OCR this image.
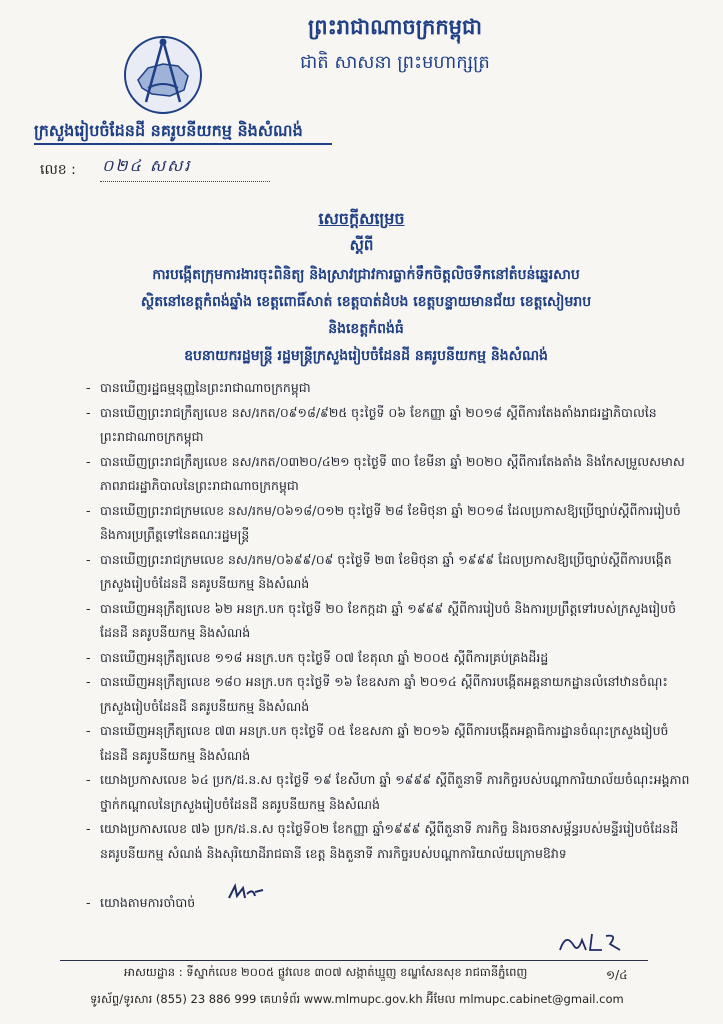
ព្រះរាជាណាចក្រកម្ពុជា
ជាតិ សាសនា ព្រះមហាក្សត្រ
ក្រសួងរៀបចំដែនដី នគរូបនីយកម្ម និងសំណង់
លេខ : ០២៤ សសរ
សេចក្តីសម្រេច
ស្តីពី
ការបង្កើតក្រុមការងារចុះពិនិត្យ និងស្រាវជ្រាវការធ្លាក់ទឹកចិត្តលិចទឹកនៅតំបន់ឆ្នេរសាប
ស្ថិតនៅខេត្តកំពង់ឆ្នាំង ខេត្តពោធិ៍សាត់ ខេត្តបាត់ដំបង ខេត្តបន្ទាយមានជ័យ ខេត្តសៀមរាប
និងខេត្តកំពង់ធំ
ឧបនាយករដ្ឋមន្ត្រី រដ្ឋមន្ត្រីក្រសួងរៀបចំដែនដី នគរូបនីយកម្ម និងសំណង់
- បានឃើញរដ្ឋធម្មនុញ្ញនៃព្រះរាជាណាចក្រកម្ពុជា
- បានឃើញព្រះរាជក្រឹត្យលេខ នស/រកត/០៩១៨/៩២៥ ចុះថ្ងៃទី ០៦ ខែកញ្ញា ឆ្នាំ ២០១៨ ស្តីពីការតែងតាំងរាជរដ្ឋាភិបាលនៃព្រះរាជាណាចក្រកម្ពុជា
- បានឃើញព្រះរាជក្រឹត្យលេខ នស/រកត/០៣២០/៤២១ ចុះថ្ងៃទី ៣០ ខែមីនា ឆ្នាំ ២០២០ ស្តីពីការតែងតាំង និងកែសម្រួលសមាសភាពរាជរដ្ឋាភិបាលនៃព្រះរាជាណាចក្រកម្ពុជា
- បានឃើញព្រះរាជក្រមលេខ នស/រកម/០៦១៨/០១២ ចុះថ្ងៃទី ២៨ ខែមិថុនា ឆ្នាំ ២០១៨ ដែលប្រកាសឱ្យប្រើច្បាប់ស្តីពីការរៀបចំ និងការប្រព្រឹត្តទៅនៃគណៈរដ្ឋមន្ត្រី
- បានឃើញព្រះរាជក្រមលេខ នស/រកម/០៦៩៩/០៩ ចុះថ្ងៃទី ២៣ ខែមិថុនា ឆ្នាំ ១៩៩៩ ដែលប្រកាសឱ្យប្រើច្បាប់ស្តីពីការបង្កើតក្រសួងរៀបចំដែនដី នគរូបនីយកម្ម និងសំណង់
- បានឃើញអនុក្រឹត្យលេខ ៦២ អនក្រ.បក ចុះថ្ងៃទី ២០ ខែកក្កដា ឆ្នាំ ១៩៩៩ ស្តីពីការរៀបចំ និងការប្រព្រឹត្តទៅរបស់ក្រសួងរៀបចំដែនដី នគរូបនីយកម្ម និងសំណង់
- បានឃើញអនុក្រឹត្យលេខ ១១៨ អនក្រ.បក ចុះថ្ងៃទី ០៧ ខែតុលា ឆ្នាំ ២០០៥ ស្តីពីការគ្រប់គ្រងដីរដ្ឋ
- បានឃើញអនុក្រឹត្យលេខ ១៨០ អនក្រ.បក ចុះថ្ងៃទី ១៦ ខែឧសភា ឆ្នាំ ២០១៤ ស្តីពីការបង្កើតអគ្គនាយកដ្ឋានលំនៅឋានចំណុះក្រសួងរៀបចំដែនដី នគរូបនីយកម្ម និងសំណង់
- បានឃើញអនុក្រឹត្យលេខ ៧៣ អនក្រ.បក ចុះថ្ងៃទី ០៥ ខែឧសភា ឆ្នាំ ២០១៦ ស្តីពីការបង្កើតអគ្គាធិការដ្ឋានចំណុះក្រសួងរៀបចំដែនដី នគរូបនីយកម្ម និងសំណង់
- យោងប្រកាសលេខ ៦៤ ប្រក/ដ.ន.ស ចុះថ្ងៃទី ១៩ ខែសីហា ឆ្នាំ ១៩៩៩ ស្តីពីតួនាទី ភារកិច្ចរបស់បណ្តាការិយាល័យចំណុះអង្គភាពថ្នាក់កណ្តាលនៃក្រសួងរៀបចំដែនដី នគរូបនីយកម្ម និងសំណង់
- យោងប្រកាសលេខ ៧៦ ប្រក/ដ.ន.ស ចុះថ្ងៃទី០២ ខែកញ្ញា ឆ្នាំ១៩៩៩ ស្តីពីតួនាទី ភារកិច្ច និងរចនាសម្ព័ន្ធរបស់មន្ទីររៀបចំដែនដី នគរូបនីយកម្ម សំណង់ និងសុរិយោដីរាជធានី ខេត្ត និងតួនាទី ភារកិច្ចរបស់បណ្តាការិយាល័យក្រោមឱវាទ
- យោងតាមការចាំបាច់
អាសយដ្ឋាន : ទីស្នាក់លេខ ២០០៥ ផ្លូវលេខ ៣០៧ សង្កាត់ឃ្មួញ ខណ្ឌសែនសុខ រាជធានីភ្នំពេញ	១/៤
ទូរស័ព្ទ/ទូរសារ (855) 23 886 999 គេហទំព័រ www.mlmupc.gov.kh អ៊ីមែល mlmupc.cabinet@gmail.com
